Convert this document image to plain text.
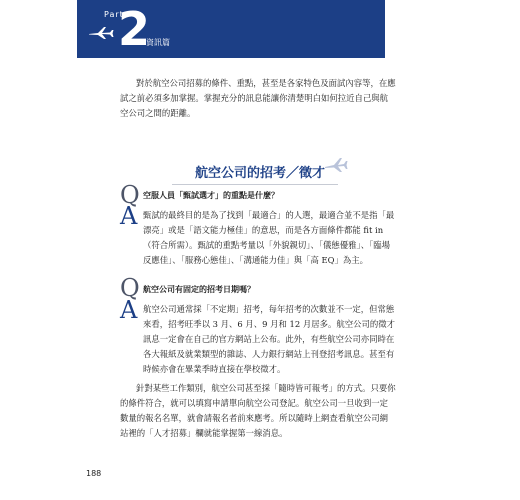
Part
2
資訊篇
對於航空公司招募的條件、重點，甚至是各家特色及面試內容等，在應試之前必須多加掌握。掌握充分的訊息能讓你清楚明白如何拉近自己與航空公司之間的距離。
航空公司的招考／徵才
Q 空服人員「甄試選才」的重點是什麼？
A 甄試的最終目的是為了找到「最適合」的人選，最適合並不是指「最漂亮」或是「語文能力極佳」的意思，而是各方面條件都能 fit in（符合所需）。甄試的重點考量以「外貌親切」、「儀態優雅」、「臨場反應佳」、「服務心態佳」、「溝通能力佳」與「高 EQ」為主。
Q 航空公司有固定的招考日期嗎？
A 航空公司通常採「不定期」招考，每年招考的次數並不一定，但常態來看，招考旺季以 3 月、6 月、9 月和 12 月居多。航空公司的徵才訊息一定會在自己的官方網站上公布。此外，有些航空公司亦同時在各大報紙及就業類型的雜誌、人力銀行網站上刊登招考訊息。甚至有時候亦會在畢業季時直接在學校徵才。
針對某些工作類別，航空公司甚至採「隨時皆可報考」的方式。只要你的條件符合，就可以填寫申請單向航空公司登記。航空公司一旦收到一定數量的報名名單，就會請報名者前來應考。所以隨時上網查看航空公司網站裡的「人才招募」欄就能掌握第一線消息。
188
